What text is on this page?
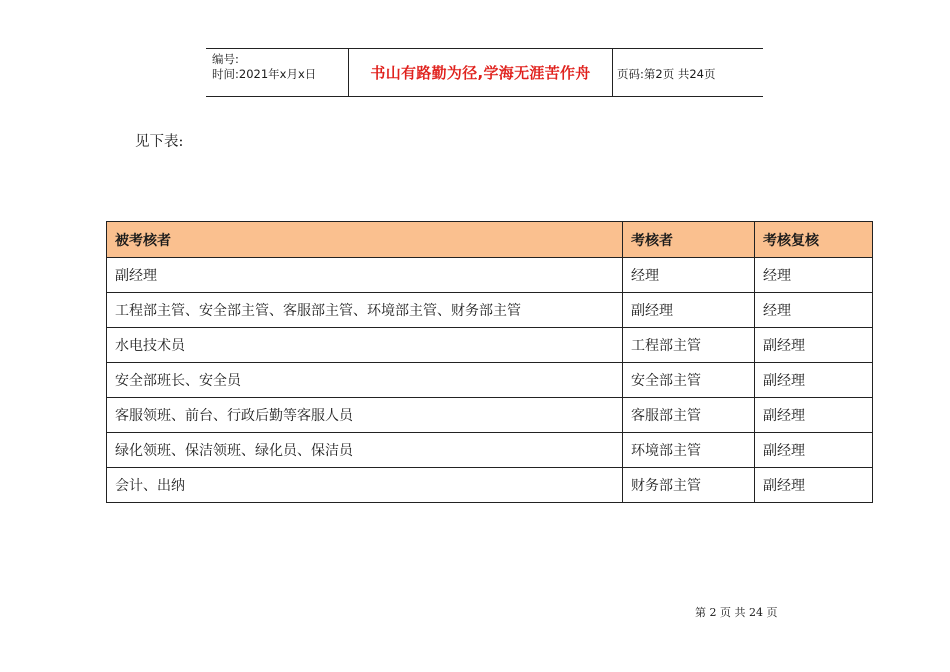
编号:
时间:2021年x月x日	书山有路勤为径,学海无涯苦作舟	页码:第2页 共24页
见下表:
被考核者	考核者	考核复核
副经理	经理	经理
工程部主管、安全部主管、客服部主管、环境部主管、财务部主管	副经理	经理
水电技术员	工程部主管	副经理
安全部班长、安全员	安全部主管	副经理
客服领班、前台、行政后勤等客服人员	客服部主管	副经理
绿化领班、保洁领班、绿化员、保洁员	环境部主管	副经理
会计、出纳	财务部主管	副经理
第 2 页 共 24 页
